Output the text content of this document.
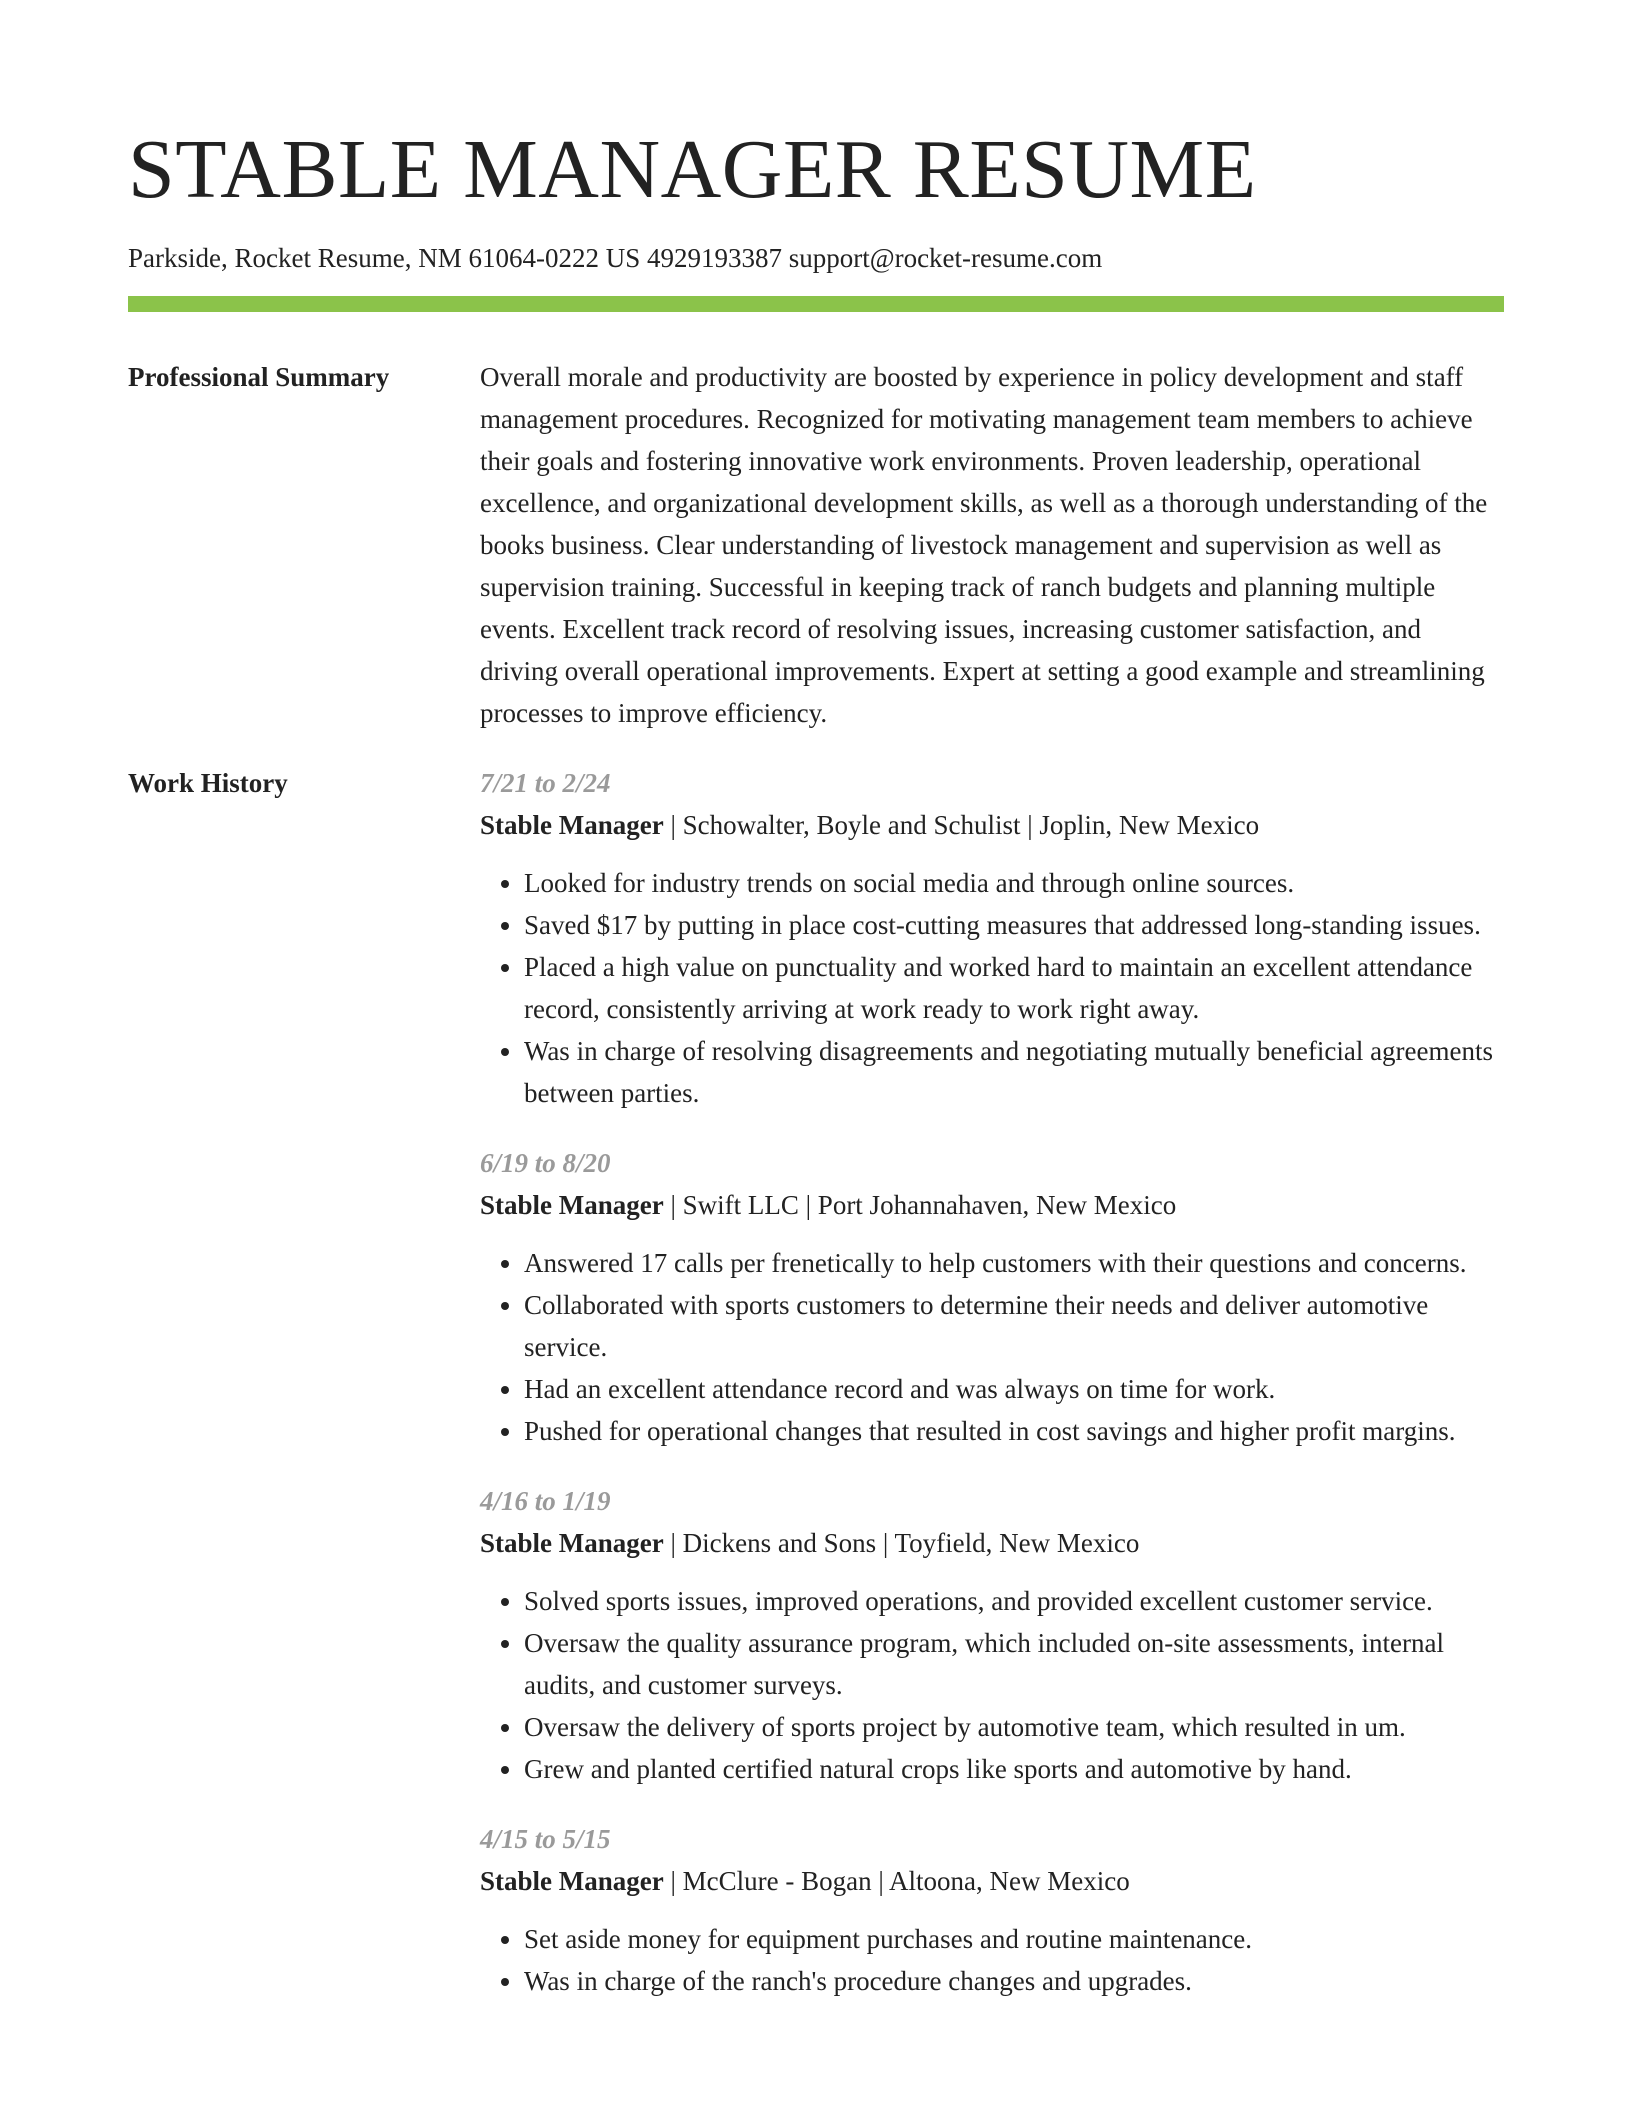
STABLE MANAGER RESUME
Parkside, Rocket Resume, NM 61064-0222 US 4929193387 support@rocket-resume.com
Professional Summary	Overall morale and productivity are boosted by experience in policy development and staff management procedures. Recognized for motivating management team members to achieve their goals and fostering innovative work environments. Proven leadership, operational excellence, and organizational development skills, as well as a thorough understanding of the books business. Clear understanding of livestock management and supervision as well as supervision training. Successful in keeping track of ranch budgets and planning multiple events. Excellent track record of resolving issues, increasing customer satisfaction, and driving overall operational improvements. Expert at setting a good example and streamlining processes to improve efficiency.

Work History	7/21 to 2/24
Stable Manager | Schowalter, Boyle and Schulist | Joplin, New Mexico
• Looked for industry trends on social media and through online sources.
• Saved $17 by putting in place cost-cutting measures that addressed long-standing issues.
• Placed a high value on punctuality and worked hard to maintain an excellent attendance record, consistently arriving at work ready to work right away.
• Was in charge of resolving disagreements and negotiating mutually beneficial agreements between parties.
6/19 to 8/20
Stable Manager | Swift LLC | Port Johannahaven, New Mexico
• Answered 17 calls per frenetically to help customers with their questions and concerns.
• Collaborated with sports customers to determine their needs and deliver automotive service.
• Had an excellent attendance record and was always on time for work.
• Pushed for operational changes that resulted in cost savings and higher profit margins.
4/16 to 1/19
Stable Manager | Dickens and Sons | Toyfield, New Mexico
• Solved sports issues, improved operations, and provided excellent customer service.
• Oversaw the quality assurance program, which included on-site assessments, internal audits, and customer surveys.
• Oversaw the delivery of sports project by automotive team, which resulted in um.
• Grew and planted certified natural crops like sports and automotive by hand.
4/15 to 5/15
Stable Manager | McClure - Bogan | Altoona, New Mexico
• Set aside money for equipment purchases and routine maintenance.
• Was in charge of the ranch's procedure changes and upgrades.
